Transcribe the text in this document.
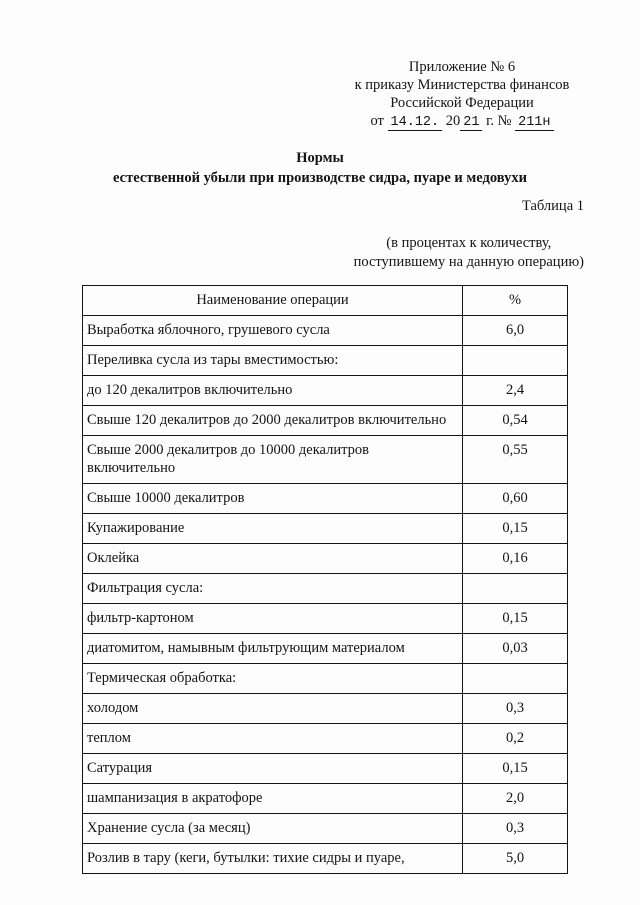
Приложение № 6
к приказу Министерства финансов
Российской Федерации
от 14.12. 20 21 г. № 211н
Нормы
естественной убыли при производстве сидра, пуаре и медовухи
Таблица 1
(в процентах к количеству,
поступившему на данную операцию)
Наименование операции	%
Выработка яблочного, грушевого сусла	6,0
Переливка сусла из тары вместимостью:	
до 120 декалитров включительно	2,4
Свыше 120 декалитров до 2000 декалитров включительно	0,54
Свыше 2000 декалитров до 10000 декалитров включительно	0,55
Свыше 10000 декалитров	0,60
Купажирование	0,15
Оклейка	0,16
Фильтрация сусла:	
фильтр-картоном	0,15
диатомитом, намывным фильтрующим материалом	0,03
Термическая обработка:	
холодом	0,3
теплом	0,2
Сатурация	0,15
шампанизация в акратофоре	2,0
Хранение сусла (за месяц)	0,3
Розлив в тару (кеги, бутылки: тихие сидры и пуаре,	5,0
